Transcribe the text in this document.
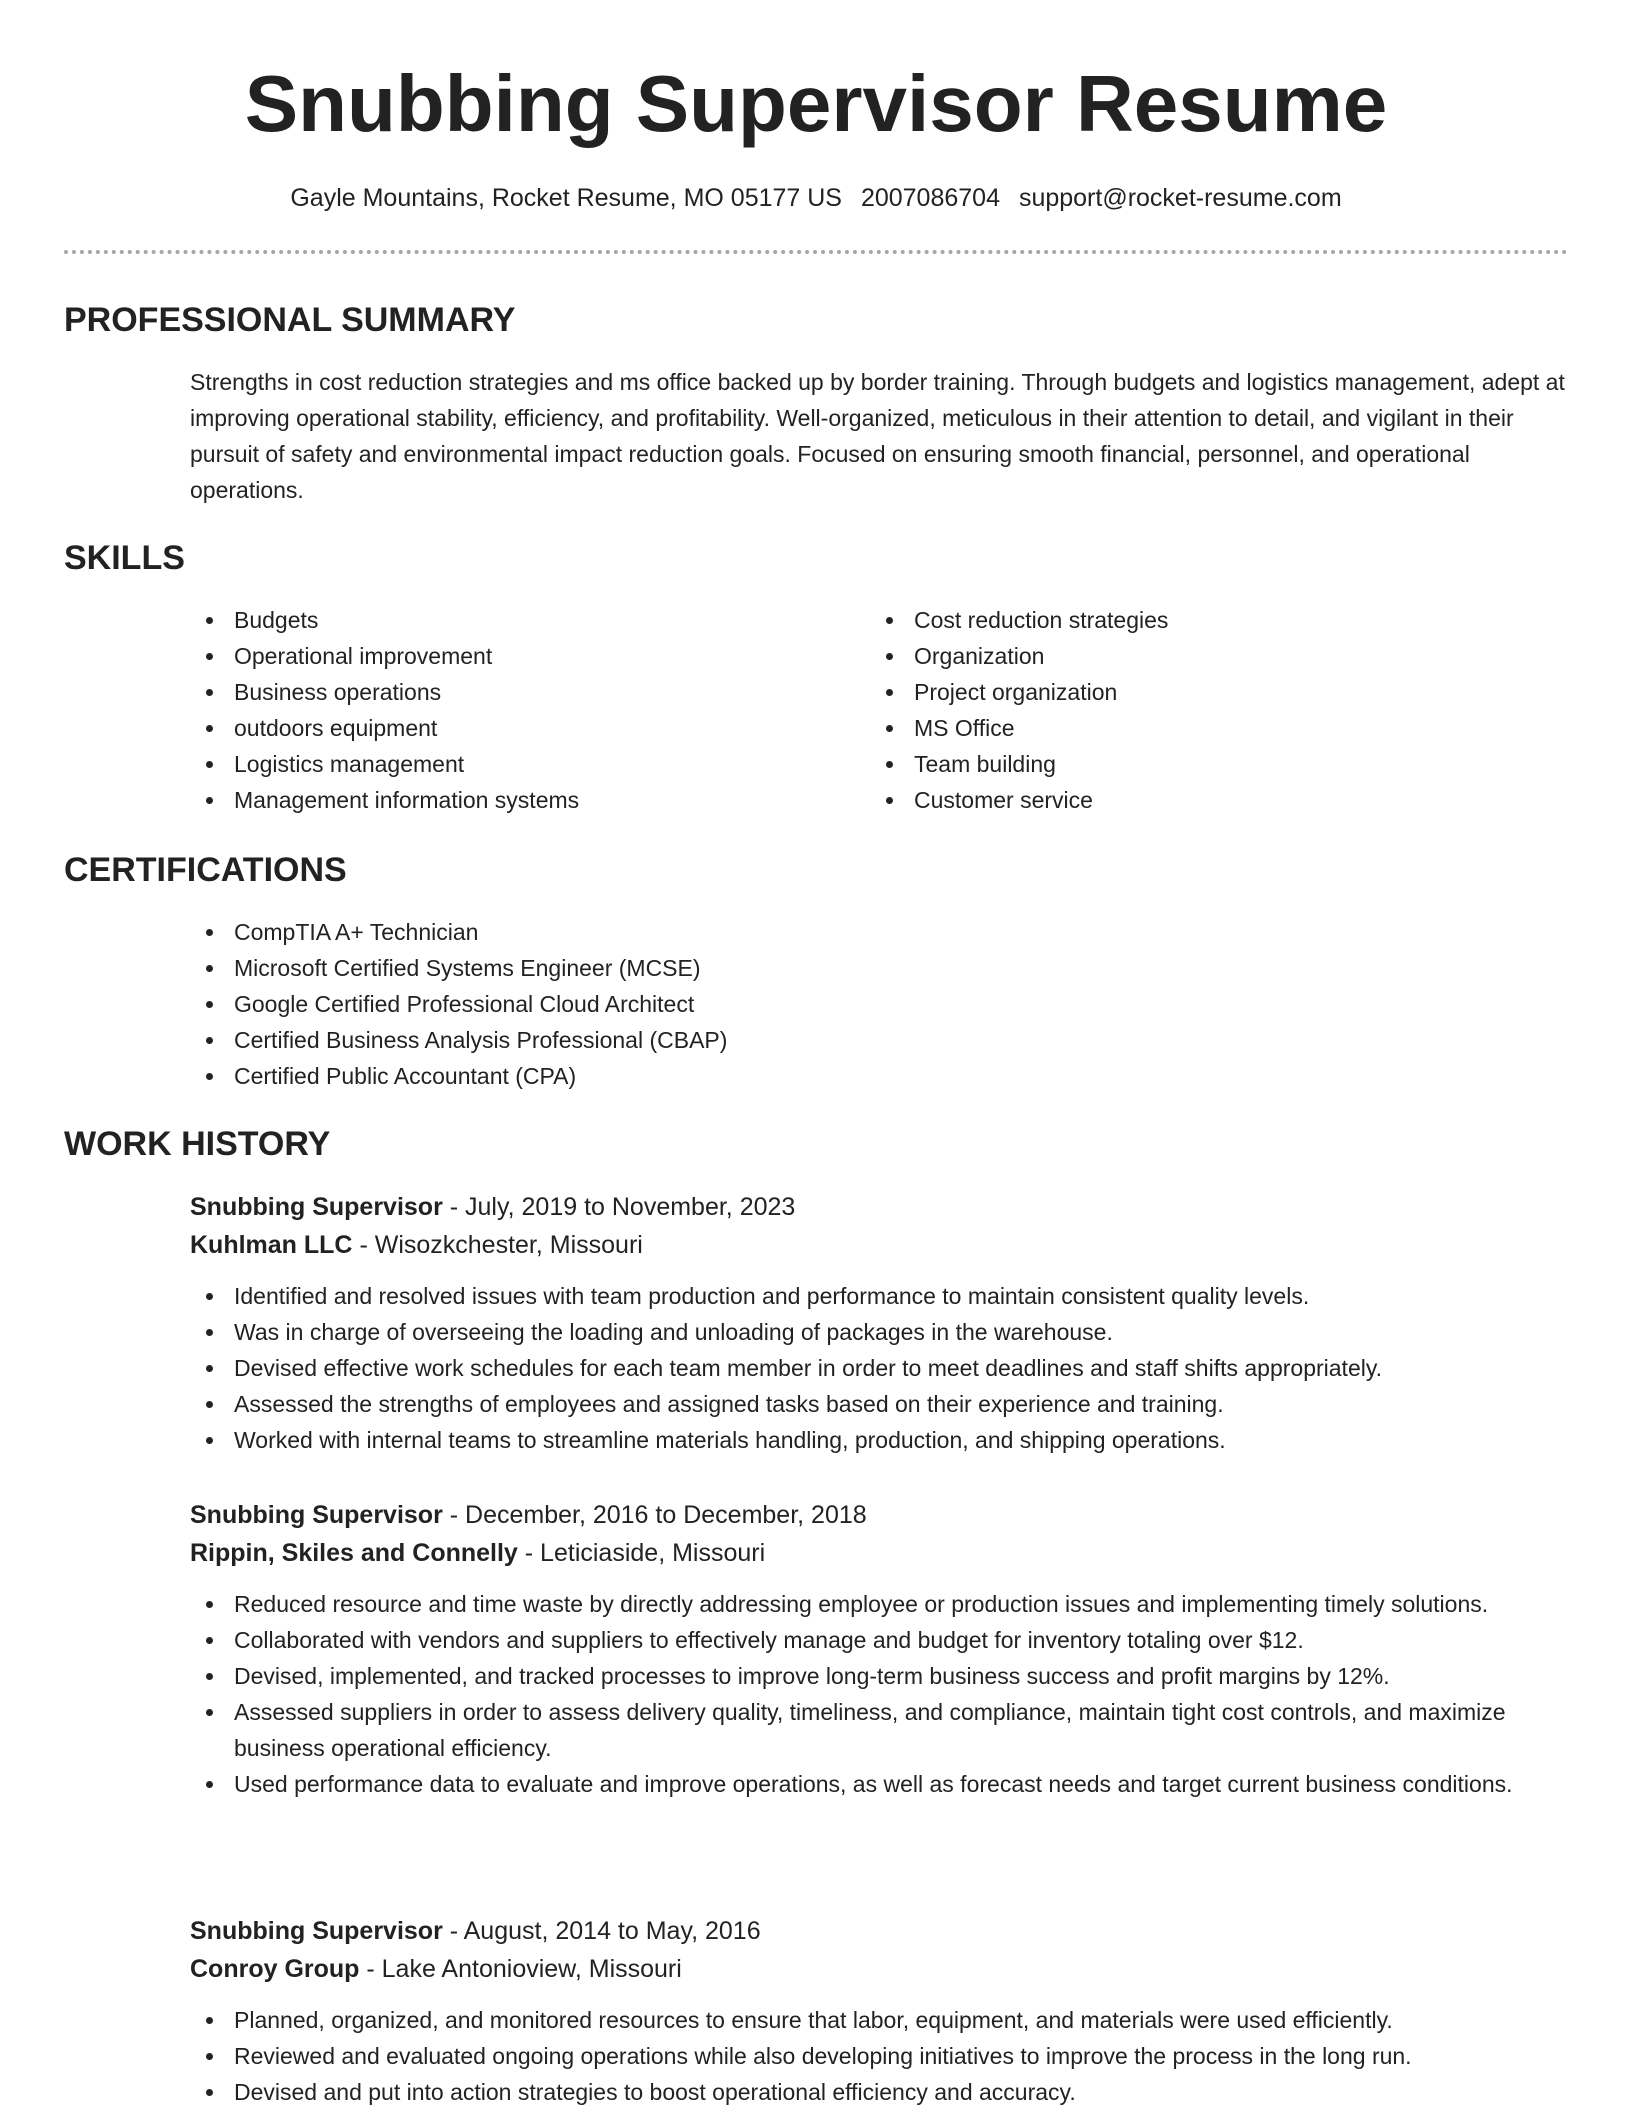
Snubbing Supervisor Resume
Gayle Mountains, Rocket Resume, MO 05177 US 2007086704 support@rocket-resume.com
PROFESSIONAL SUMMARY

Strengths in cost reduction strategies and ms office backed up by border training. Through budgets and logistics management, adept at improving operational stability, efficiency, and profitability. Well-organized, meticulous in their attention to detail, and vigilant in their pursuit of safety and environmental impact reduction goals. Focused on ensuring smooth financial, personnel, and operational operations.

SKILLS
Budgets
Operational improvement
Business operations
outdoors equipment
Logistics management
Management information systems
Cost reduction strategies
Organization
Project organization
MS Office
Team building
Customer service
CERTIFICATIONS
CompTIA A+ Technician
Microsoft Certified Systems Engineer (MCSE)
Google Certified Professional Cloud Architect
Certified Business Analysis Professional (CBAP)
Certified Public Accountant (CPA)
WORK HISTORY
Snubbing Supervisor - July, 2019 to November, 2023
Kuhlman LLC - Wisozkchester, Missouri
Identified and resolved issues with team production and performance to maintain consistent quality levels.
Was in charge of overseeing the loading and unloading of packages in the warehouse.
Devised effective work schedules for each team member in order to meet deadlines and staff shifts appropriately.
Assessed the strengths of employees and assigned tasks based on their experience and training.
Worked with internal teams to streamline materials handling, production, and shipping operations.
Snubbing Supervisor - December, 2016 to December, 2018
Rippin, Skiles and Connelly - Leticiaside, Missouri
Reduced resource and time waste by directly addressing employee or production issues and implementing timely solutions.
Collaborated with vendors and suppliers to effectively manage and budget for inventory totaling over $12.
Devised, implemented, and tracked processes to improve long-term business success and profit margins by 12%.
Assessed suppliers in order to assess delivery quality, timeliness, and compliance, maintain tight cost controls, and maximize business operational efficiency.
Used performance data to evaluate and improve operations, as well as forecast needs and target current business conditions.
Snubbing Supervisor - August, 2014 to May, 2016
Conroy Group - Lake Antonioview, Missouri
Planned, organized, and monitored resources to ensure that labor, equipment, and materials were used efficiently.
Reviewed and evaluated ongoing operations while also developing initiatives to improve the process in the long run.
Devised and put into action strategies to boost operational efficiency and accuracy.
